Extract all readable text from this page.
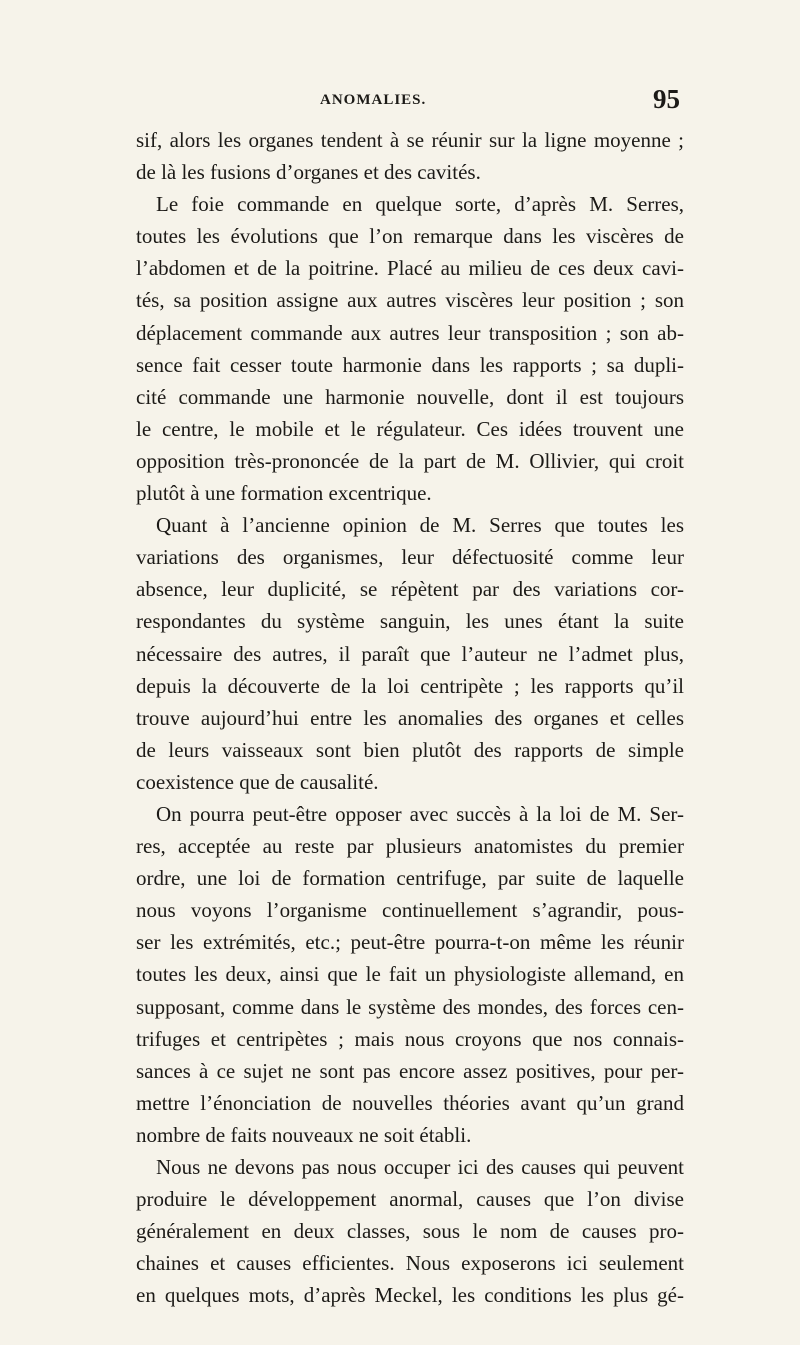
ANOMALIES.	95
sif, alors les organes tendent à se réunir sur la ligne moyenne ;
de là les fusions d’organes et des cavités.
Le foie commande en quelque sorte, d’après M. Serres,
toutes les évolutions que l’on remarque dans les viscères de
l’abdomen et de la poitrine. Placé au milieu de ces deux cavi-
tés, sa position assigne aux autres viscères leur position ; son
déplacement commande aux autres leur transposition ; son ab-
sence fait cesser toute harmonie dans les rapports ; sa dupli-
cité commande une harmonie nouvelle, dont il est toujours
le centre, le mobile et le régulateur. Ces idées trouvent une
opposition très-prononcée de la part de M. Ollivier, qui croit
plutôt à une formation excentrique.
Quant à l’ancienne opinion de M. Serres que toutes les
variations des organismes, leur défectuosité comme leur
absence, leur duplicité, se répètent par des variations cor-
respondantes du système sanguin, les unes étant la suite
nécessaire des autres, il paraît que l’auteur ne l’admet plus,
depuis la découverte de la loi centripète ; les rapports qu’il
trouve aujourd’hui entre les anomalies des organes et celles
de leurs vaisseaux sont bien plutôt des rapports de simple
coexistence que de causalité.
On pourra peut-être opposer avec succès à la loi de M. Ser-
res, acceptée au reste par plusieurs anatomistes du premier
ordre, une loi de formation centrifuge, par suite de laquelle
nous voyons l’organisme continuellement s’agrandir, pous-
ser les extrémités, etc.; peut-être pourra-t-on même les réunir
toutes les deux, ainsi que le fait un physiologiste allemand, en
supposant, comme dans le système des mondes, des forces cen-
trifuges et centripètes ; mais nous croyons que nos connais-
sances à ce sujet ne sont pas encore assez positives, pour per-
mettre l’énonciation de nouvelles théories avant qu’un grand
nombre de faits nouveaux ne soit établi.
Nous ne devons pas nous occuper ici des causes qui peuvent
produire le développement anormal, causes que l’on divise
généralement en deux classes, sous le nom de causes pro-
chaines et causes efficientes. Nous exposerons ici seulement
en quelques mots, d’après Meckel, les conditions les plus gé-
